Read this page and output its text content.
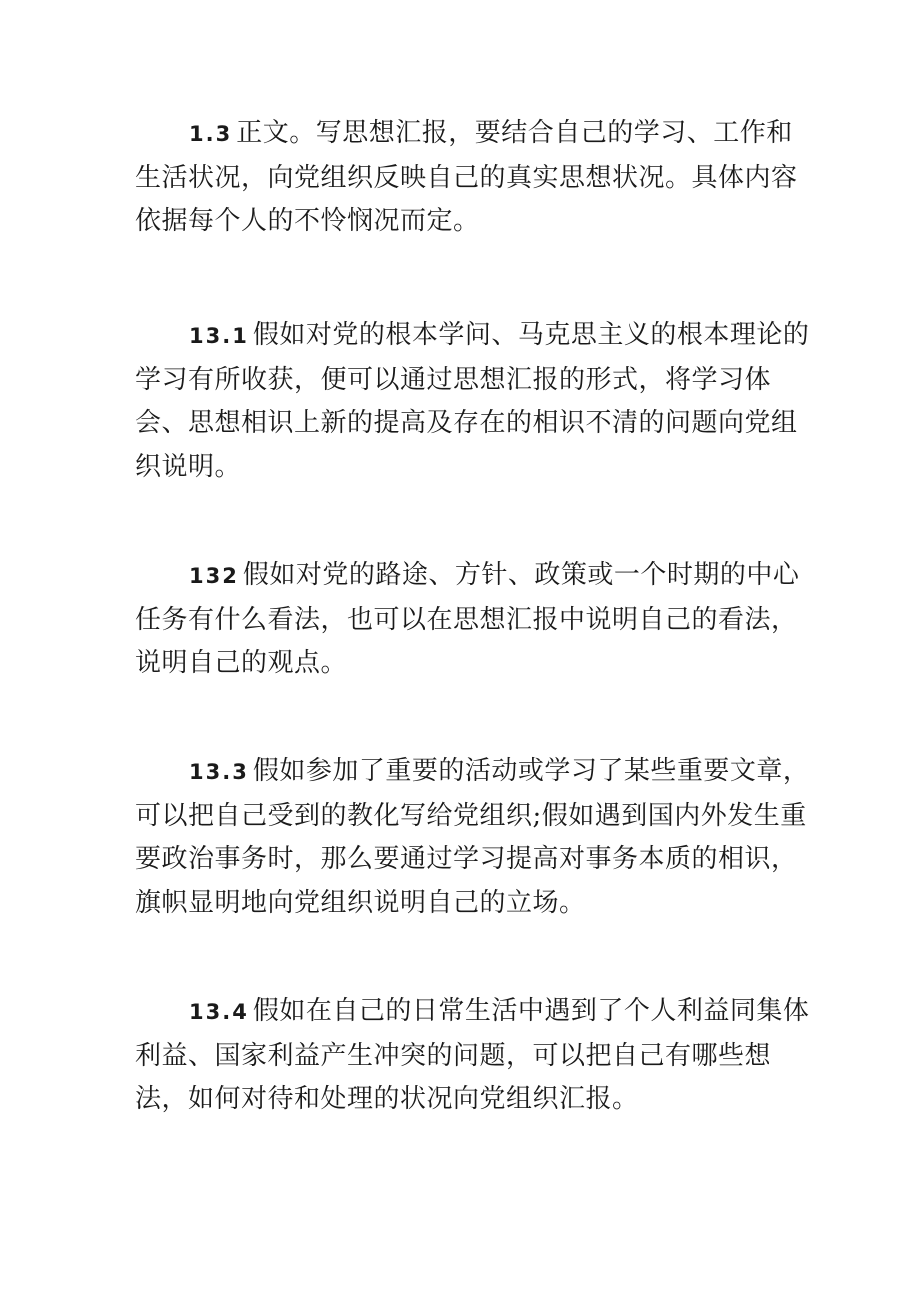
1.3 正文。写思想汇报，要结合自己的学习、工作和生活状况，向党组织反映自己的真实思想状况。具体内容依据每个人的不怜悯况而定。

13.1 假如对党的根本学问、马克思主义的根本理论的学习有所收获，便可以通过思想汇报的形式，将学习体会、思想相识上新的提高及存在的相识不清的问题向党组织说明。

132 假如对党的路途、方针、政策或一个时期的中心任务有什么看法，也可以在思想汇报中说明自己的看法，说明自己的观点。

13.3 假如参加了重要的活动或学习了某些重要文章，可以把自己受到的教化写给党组织;假如遇到国内外发生重要政治事务时，那么要通过学习提高对事务本质的相识，旗帜显明地向党组织说明自己的立场。

13.4 假如在自己的日常生活中遇到了个人利益同集体利益、国家利益产生冲突的问题，可以把自己有哪些想法，如何对待和处理的状况向党组织汇报。
